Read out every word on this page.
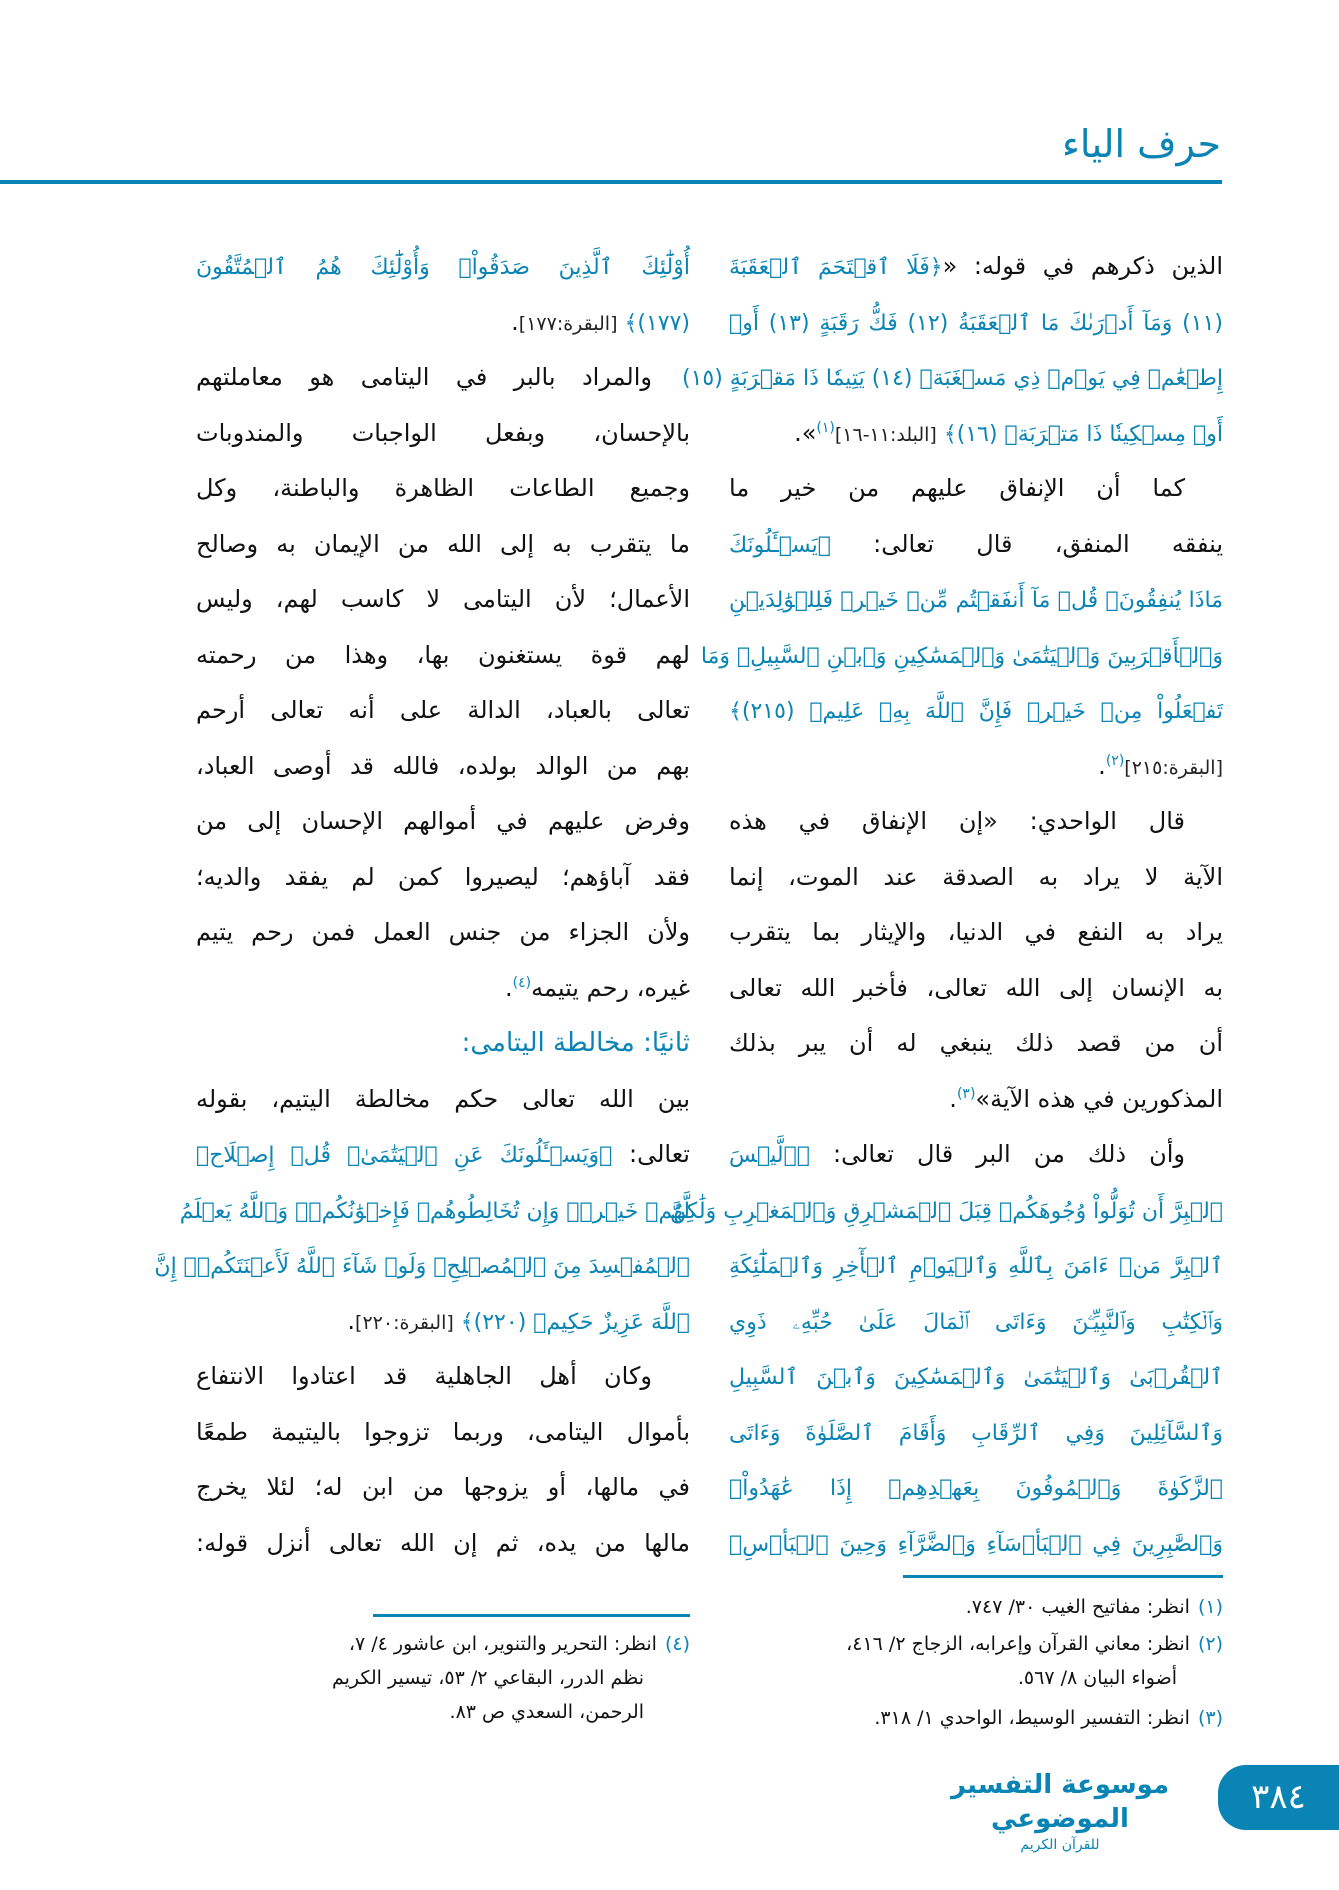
حرف الياء
الذين ذكرهم في قوله: «﴿فَلَا ٱقۡتَحَمَ ٱلۡعَقَبَةَ
(١١) وَمَآ أَدۡرَىٰكَ مَا ٱلۡعَقَبَةُ (١٢) فَكُّ رَقَبَةٍ (١٣) أَوۡ
إِطۡعَٰمٞ فِي يَوۡمٖ ذِي مَسۡغَبَةٖ (١٤) يَتِيمٗا ذَا مَقۡرَبَةٍ (١٥)
أَوۡ مِسۡكِينٗا ذَا مَتۡرَبَةٖ (١٦)﴾ [البلد:١١-١٦]$^{(١)}$».
كما أن الإنفاق عليهم من خير ما
ينفقه المنفق، قال تعالى: ﴿يَسۡـَٔلُونَكَ
مَاذَا يُنفِقُونَۖ قُلۡ مَآ أَنفَقۡتُم مِّنۡ خَيۡرٖ فَلِلۡوَٰلِدَيۡنِ
وَٱلۡأَقۡرَبِينَ وَٱلۡيَتَٰمَىٰ وَٱلۡمَسَٰكِينِ وَٱبۡنِ ٱلسَّبِيلِۗ وَمَا
تَفۡعَلُواْ مِنۡ خَيۡرٖ فَإِنَّ ٱللَّهَ بِهِۦ عَلِيمٞ (٢١٥)﴾
[البقرة:٢١٥]$^{(٢)}$.
قال الواحدي: «إن الإنفاق في هذه
الآية لا يراد به الصدقة عند الموت، إنما
يراد به النفع في الدنيا، والإيثار بما يتقرب
به الإنسان إلى الله تعالى، فأخبر الله تعالى
أن من قصد ذلك ينبغي له أن يبر بذلك
المذكورين في هذه الآية»$^{(٣)}$.
وأن ذلك من البر قال تعالى: ﴿۞لَّيۡسَ
ٱلۡبِرَّ أَن تُوَلُّواْ وُجُوهَكُمۡ قِبَلَ ٱلۡمَشۡرِقِ وَٱلۡمَغۡرِبِ وَلَٰكِنَّ
ٱلۡبِرَّ مَنۡ ءَامَنَ بِٱللَّهِ وَٱلۡيَوۡمِ ٱلۡأٓخِرِ وَٱلۡمَلَٰٓئِكَةِ
وَٱلۡكِتَٰبِ وَٱلنَّبِيِّـۧنَ وَءَاتَى ٱلۡمَالَ عَلَىٰ حُبِّهِۦ ذَوِي
ٱلۡقُرۡبَىٰ وَٱلۡيَتَٰمَىٰ وَٱلۡمَسَٰكِينَ وَٱبۡنَ ٱلسَّبِيلِ
وَٱلسَّآئِلِينَ وَفِي ٱلرِّقَابِ وَأَقَامَ ٱلصَّلَوٰةَ وَءَاتَى
ٱلزَّكَوٰةَ وَٱلۡمُوفُونَ بِعَهۡدِهِمۡ إِذَا عَٰهَدُواْۖ
وَٱلصَّٰبِرِينَ فِي ٱلۡبَأۡسَآءِ وَٱلضَّرَّآءِ وَحِينَ ٱلۡبَأۡسِۗ
أُوْلَٰٓئِكَ ٱلَّذِينَ صَدَقُواْۖ وَأُوْلَٰٓئِكَ هُمُ ٱلۡمُتَّقُونَ
(١٧٧)﴾ [البقرة:١٧٧].
والمراد بالبر في اليتامى هو معاملتهم
بالإحسان، وبفعل الواجبات والمندوبات
وجميع الطاعات الظاهرة والباطنة، وكل
ما يتقرب به إلى الله من الإيمان به وصالح
الأعمال؛ لأن اليتامى لا كاسب لهم، وليس
لهم قوة يستغنون بها، وهذا من رحمته
تعالى بالعباد، الدالة على أنه تعالى أرحم
بهم من الوالد بولده، فالله قد أوصى العباد،
وفرض عليهم في أموالهم الإحسان إلى من
فقد آباؤهم؛ ليصيروا كمن لم يفقد والديه؛
ولأن الجزاء من جنس العمل فمن رحم يتيم
غيره، رحم يتيمه$^{(٤)}$.
ثانيًا: مخالطة اليتامى:
بين الله تعالى حكم مخالطة اليتيم، بقوله
تعالى: ﴿وَيَسۡـَٔلُونَكَ عَنِ ٱلۡيَتَٰمَىٰۖ قُلۡ إِصۡلَاحٞ
لَّهُمۡ خَيۡرٞۖ وَإِن تُخَالِطُوهُمۡ فَإِخۡوَٰنُكُمۡۚ وَٱللَّهُ يَعۡلَمُ
ٱلۡمُفۡسِدَ مِنَ ٱلۡمُصۡلِحِۚ وَلَوۡ شَآءَ ٱللَّهُ لَأَعۡنَتَكُمۡۚ إِنَّ
ٱللَّهَ عَزِيزٌ حَكِيمٞ (٢٢٠)﴾ [البقرة:٢٢٠].
وكان أهل الجاهلية قد اعتادوا الانتفاع
بأموال اليتامى، وربما تزوجوا باليتيمة طمعًا
في مالها، أو يزوجها من ابن له؛ لئلا يخرج
مالها من يده، ثم إن الله تعالى أنزل قوله:
(١)انظر: مفاتيح الغيب ٣٠/ ٧٤٧.
(٢)انظر: معاني القرآن وإعرابه، الزجاج ٢/ ٤١٦،
أضواء البيان ٨/ ٥٦٧.
(٣)انظر: التفسير الوسيط، الواحدي ١/ ٣١٨.
(٤)انظر: التحرير والتنوير، ابن عاشور ٤/ ٧،
نظم الدرر، البقاعي ٢/ ٥٣، تيسير الكريم
الرحمن، السعدي ص ٨٣.
موسوعة التفسير الموضوعي
للقرآن الكريم
٣٨٤
